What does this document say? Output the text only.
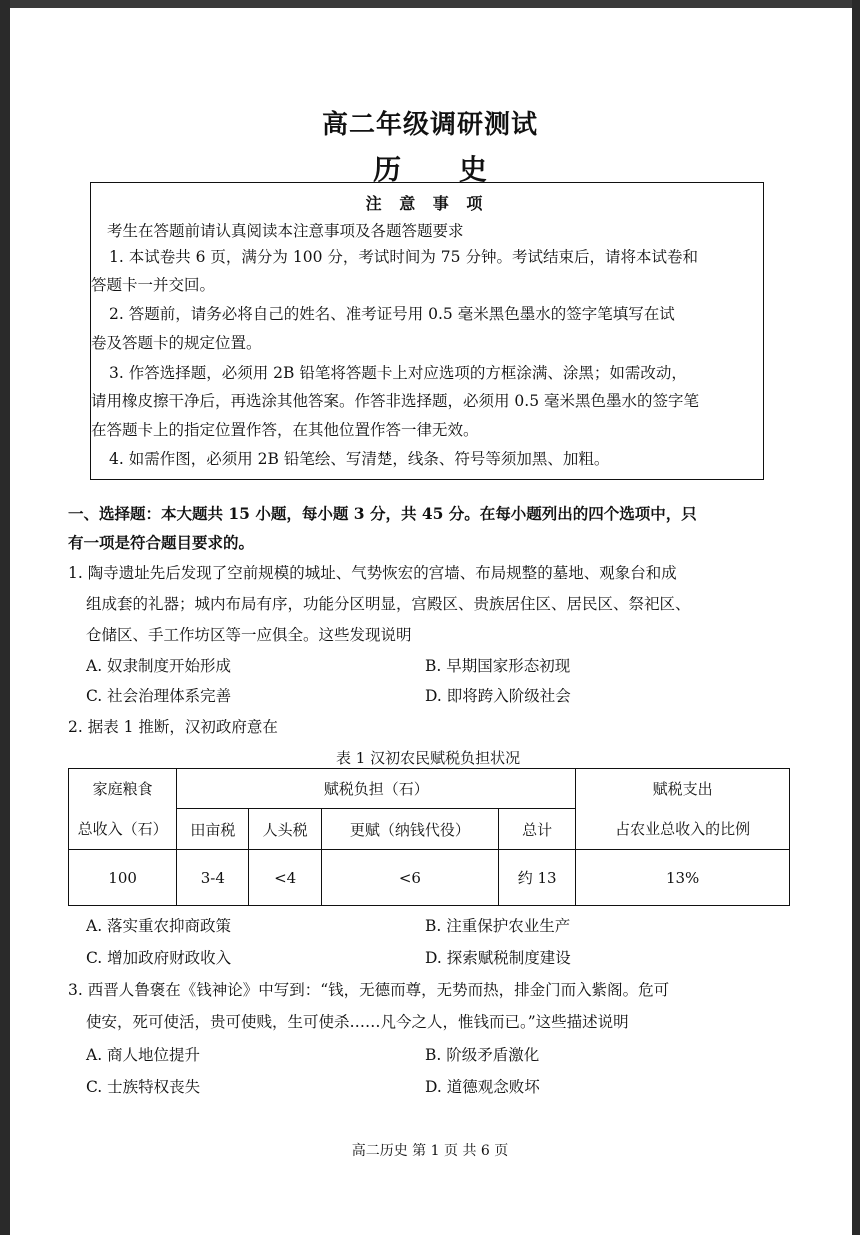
高二年级调研测试
历 史
注 意 事 项
考生在答题前请认真阅读本注意事项及各题答题要求
1. 本试卷共 6 页，满分为 100 分，考试时间为 75 分钟。考试结束后，请将本试卷和
答题卡一并交回。
2. 答题前，请务必将自己的姓名、准考证号用 0.5 毫米黑色墨水的签字笔填写在试
卷及答题卡的规定位置。
3. 作答选择题，必须用 2B 铅笔将答题卡上对应选项的方框涂满、涂黑；如需改动，
请用橡皮擦干净后，再选涂其他答案。作答非选择题，必须用 0.5 毫米黑色墨水的签字笔
在答题卡上的指定位置作答，在其他位置作答一律无效。
4. 如需作图，必须用 2B 铅笔绘、写清楚，线条、符号等须加黑、加粗。
一、选择题：本大题共 15 小题，每小题 3 分，共 45 分。在每小题列出的四个选项中，只
有一项是符合题目要求的。
1. 陶寺遗址先后发现了空前规模的城址、气势恢宏的宫墙、布局规整的墓地、观象台和成
组成套的礼器；城内布局有序，功能分区明显，宫殿区、贵族居住区、居民区、祭祀区、
仓储区、手工作坊区等一应俱全。这些发现说明
A. 奴隶制度开始形成	B. 早期国家形态初现
C. 社会治理体系完善	D. 即将跨入阶级社会
2. 据表 1 推断，汉初政府意在
表 1 汉初农民赋税负担状况
家庭粮食	赋税负担（石）				赋税支出
总收入（石）	田亩税	人头税	更赋（纳钱代役）	总计	占农业总收入的比例
100	3-4	<4	<6	约 13	13%
A. 落实重农抑商政策	B. 注重保护农业生产
C. 增加政府财政收入	D. 探索赋税制度建设
3. 西晋人鲁褒在《钱神论》中写到：“钱，无德而尊，无势而热，排金门而入紫阁。危可
使安，死可使活，贵可使贱，生可使杀……凡今之人，惟钱而已。”这些描述说明
A. 商人地位提升	B. 阶级矛盾激化
C. 士族特权丧失	D. 道德观念败坏
高二历史 第 1 页 共 6 页
